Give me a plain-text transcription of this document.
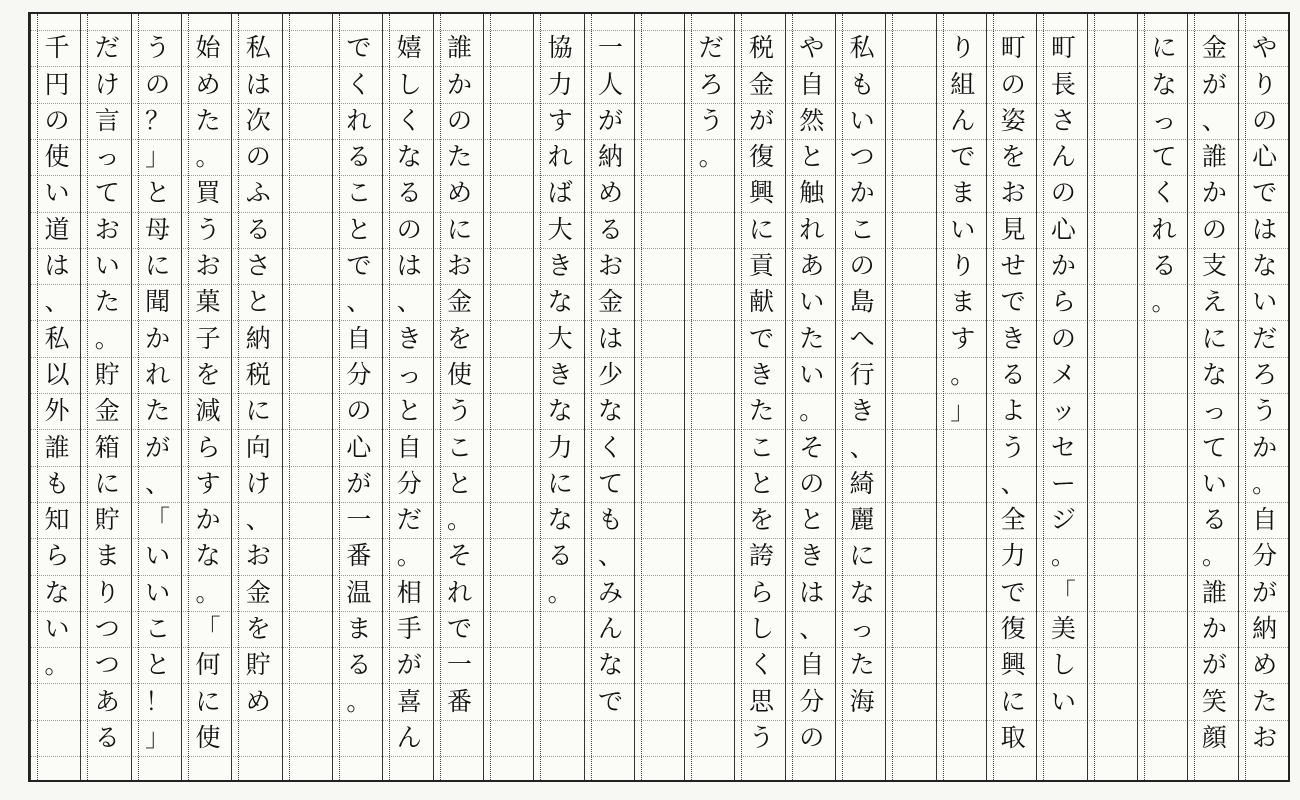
や
り
の
心
で
は
な
い
だ
ろ
う
か
。
自
分
が
納
め
た
お
金
が
、
誰
か
の
支
え
に
な
っ
て
い
る
。
誰
か
が
笑
顔
に
な
っ
て
く
れ
る
。
町
長
さ
ん
の
心
か
ら
の
メ
ッ
セ
ー
ジ
。
「
美
し
い
町
の
姿
を
お
見
せ
で
き
る
よ
う
、
全
力
で
復
興
に
取
り
組
ん
で
ま
い
り
ま
す
。
」
私
も
い
つ
か
こ
の
島
へ
行
き
、
綺
麗
に
な
っ
た
海
や
自
然
と
触
れ
あ
い
た
い
。
そ
の
と
き
は
、
自
分
の
税
金
が
復
興
に
貢
献
で
き
た
こ
と
を
誇
ら
し
く
思
う
だ
ろ
う
。
一
人
が
納
め
る
お
金
は
少
な
く
て
も
、
み
ん
な
で
協
力
す
れ
ば
大
き
な
大
き
な
力
に
な
る
。
誰
か
の
た
め
に
お
金
を
使
う
こ
と
。
そ
れ
で
一
番
嬉
し
く
な
る
の
は
、
き
っ
と
自
分
だ
。
相
手
が
喜
ん
で
く
れ
る
こ
と
で
、
自
分
の
心
が
一
番
温
ま
る
。
私
は
次
の
ふ
る
さ
と
納
税
に
向
け
、
お
金
を
貯
め
始
め
た
。
買
う
お
菓
子
を
減
ら
す
か
な
。
「
何
に
使
う
の
？
」
と
母
に
聞
か
れ
た
が
、
「
い
い
こ
と
！
」
だ
け
言
っ
て
お
い
た
。
貯
金
箱
に
貯
ま
り
つ
つ
あ
る
千
円
の
使
い
道
は
、
私
以
外
誰
も
知
ら
な
い
。
